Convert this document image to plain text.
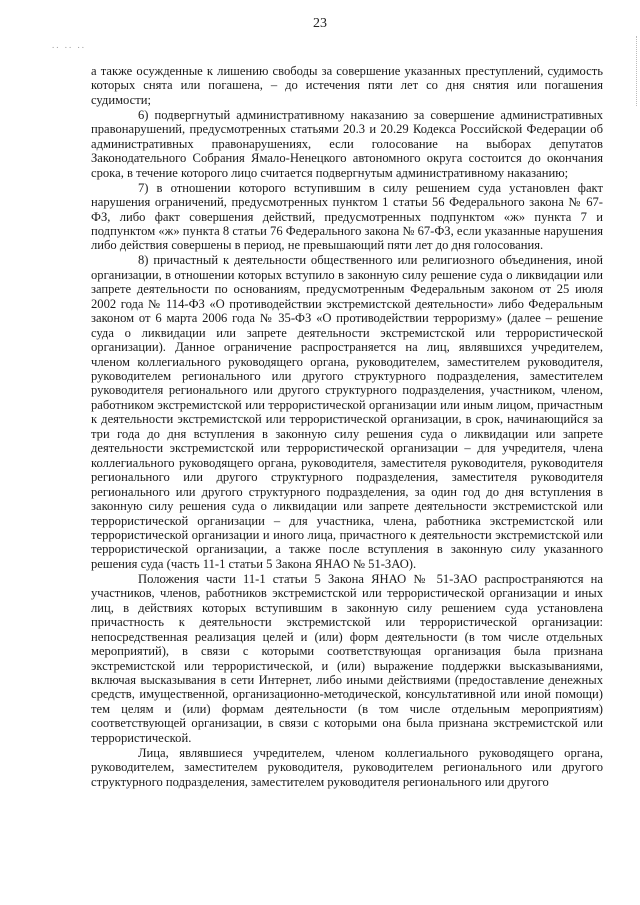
.. .. ..
23

а также осужденные к лишению свободы за совершение указанных преступлений, судимость которых снята или погашена, – до истечения пяти лет со дня снятия или погашения судимости;

6) подвергнутый административному наказанию за совершение административных правонарушений, предусмотренных статьями 20.3 и 20.29 Кодекса Российской Федерации об административных правонарушениях, если голосование на выборах депутатов Законодательного Собрания Ямало-Ненецкого автономного округа состоится до окончания срока, в течение которого лицо считается подвергнутым административному наказанию;

7) в отношении которого вступившим в силу решением суда установлен факт нарушения ограничений, предусмотренных пунктом 1 статьи 56 Федерального закона № 67-ФЗ, либо факт совершения действий, предусмотренных подпунктом «ж» пункта 7 и подпунктом «ж» пункта 8 статьи 76 Федерального закона № 67-ФЗ, если указанные нарушения либо действия совершены в период, не превышающий пяти лет до дня голосования.

8) причастный к деятельности общественного или религиозного объединения, иной организации, в отношении которых вступило в законную силу решение суда о ликвидации или запрете деятельности по основаниям, предусмотренным Федеральным законом от 25 июля 2002 года № 114-ФЗ «О противодействии экстремистской деятельности» либо Федеральным законом от 6 марта 2006 года № 35-ФЗ «О противодействии терроризму» (далее – решение суда о ликвидации или запрете деятельности экстремистской или террористической организации). Данное ограничение распространяется на лиц, являвшихся учредителем, членом коллегиального руководящего органа, руководителем, заместителем руководителя, руководителем регионального или другого структурного подразделения, заместителем руководителя регионального или другого структурного подразделения, участником, членом, работником экстремистской или террористической организации или иным лицом, причастным к деятельности экстремистской или террористической организации, в срок, начинающийся за три года до дня вступления в законную силу решения суда о ликвидации или запрете деятельности экстремистской или террористической организации – для учредителя, члена коллегиального руководящего органа, руководителя, заместителя руководителя, руководителя регионального или другого структурного подразделения, заместителя руководителя регионального или другого структурного подразделения, за один год до дня вступления в законную силу решения суда о ликвидации или запрете деятельности экстремистской или террористической организации – для участника, члена, работника экстремистской или террористической организации и иного лица, причастного к деятельности экстремистской или террористической организации, а также после вступления в законную силу указанного решения суда (часть 11-1 статьи 5 Закона ЯНАО № 51-ЗАО).

Положения части 11-1 статьи 5 Закона ЯНАО № 51-ЗАО распространяются на участников, членов, работников экстремистской или террористической организации и иных лиц, в действиях которых вступившим в законную силу решением суда установлена причастность к деятельности экстремистской или террористической организации: непосредственная реализация целей и (или) форм деятельности (в том числе отдельных мероприятий), в связи с которыми соответствующая организация была признана экстремистской или террористической, и (или) выражение поддержки высказываниями, включая высказывания в сети Интернет, либо иными действиями (предоставление денежных средств, имущественной, организационно-методической, консультативной или иной помощи) тем целям и (или) формам деятельности (в том числе отдельным мероприятиям) соответствующей организации, в связи с которыми она была признана экстремистской или террористической.

Лица, являвшиеся учредителем, членом коллегиального руководящего органа, руководителем, заместителем руководителя, руководителем регионального или другого структурного подразделения, заместителем руководителя регионального или другого
